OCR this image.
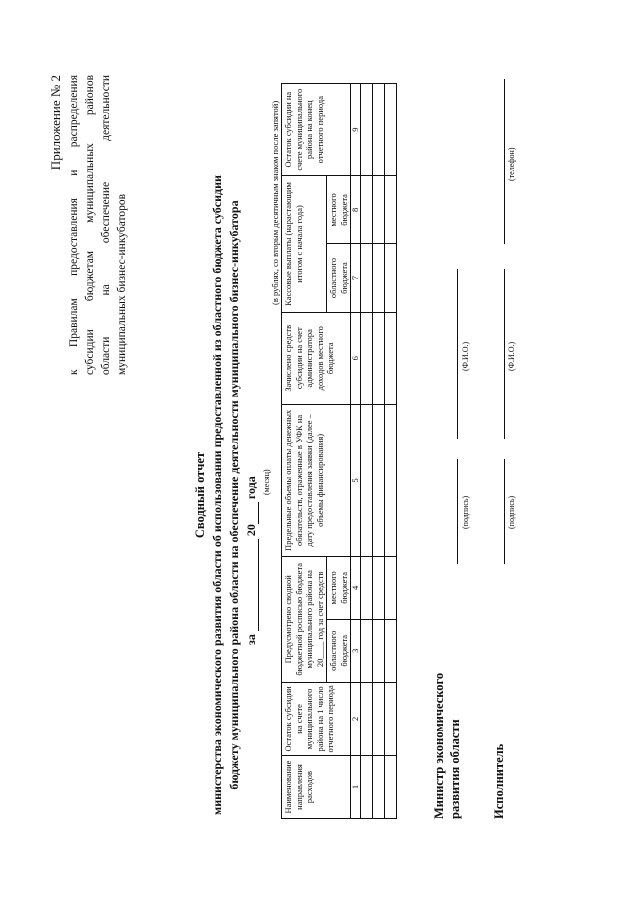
Приложение № 2 к Правилам предоставления и распределения субсидии бюджетам муниципальных районов области на обеспечение деятельности муниципальных бизнес-инкубаторов
Сводный отчет министерства экономического развития области об использовании предоставленной из областного бюджета субсидии бюджету муниципального района области на обеспечение деятельности муниципального бизнес-инкубатора за  20 года (месяц)
(в рублях, со вторым десятичным знаком после запятой)
Наименование направления расходов	Остаток субсидии на счете муниципального района на 1 число отчетного периода	Предусмотрено сводной бюджетной росписью бюджета муниципального района на 20____ год за счет средств		Предельные объемы оплаты денежных обязательств, отраженные в УФК на дату предоставления заявки (далее – объемы финансирования)	Зачислено средств субсидии на счет администратора доходов местного бюджета	Кассовые выплаты (нарастающим итогом с начала года)		Остаток субсидии на счете муниципального района на конец отчетного периода
		областного бюджета	местного бюджета			областного бюджета	местного бюджета	

1	2	3	4	5	6	7	8	9

Министр экономического развития области
(подпись)
(Ф.И.О.)
Исполнитель
(подпись)
(Ф.И.О.)
(телефон)
